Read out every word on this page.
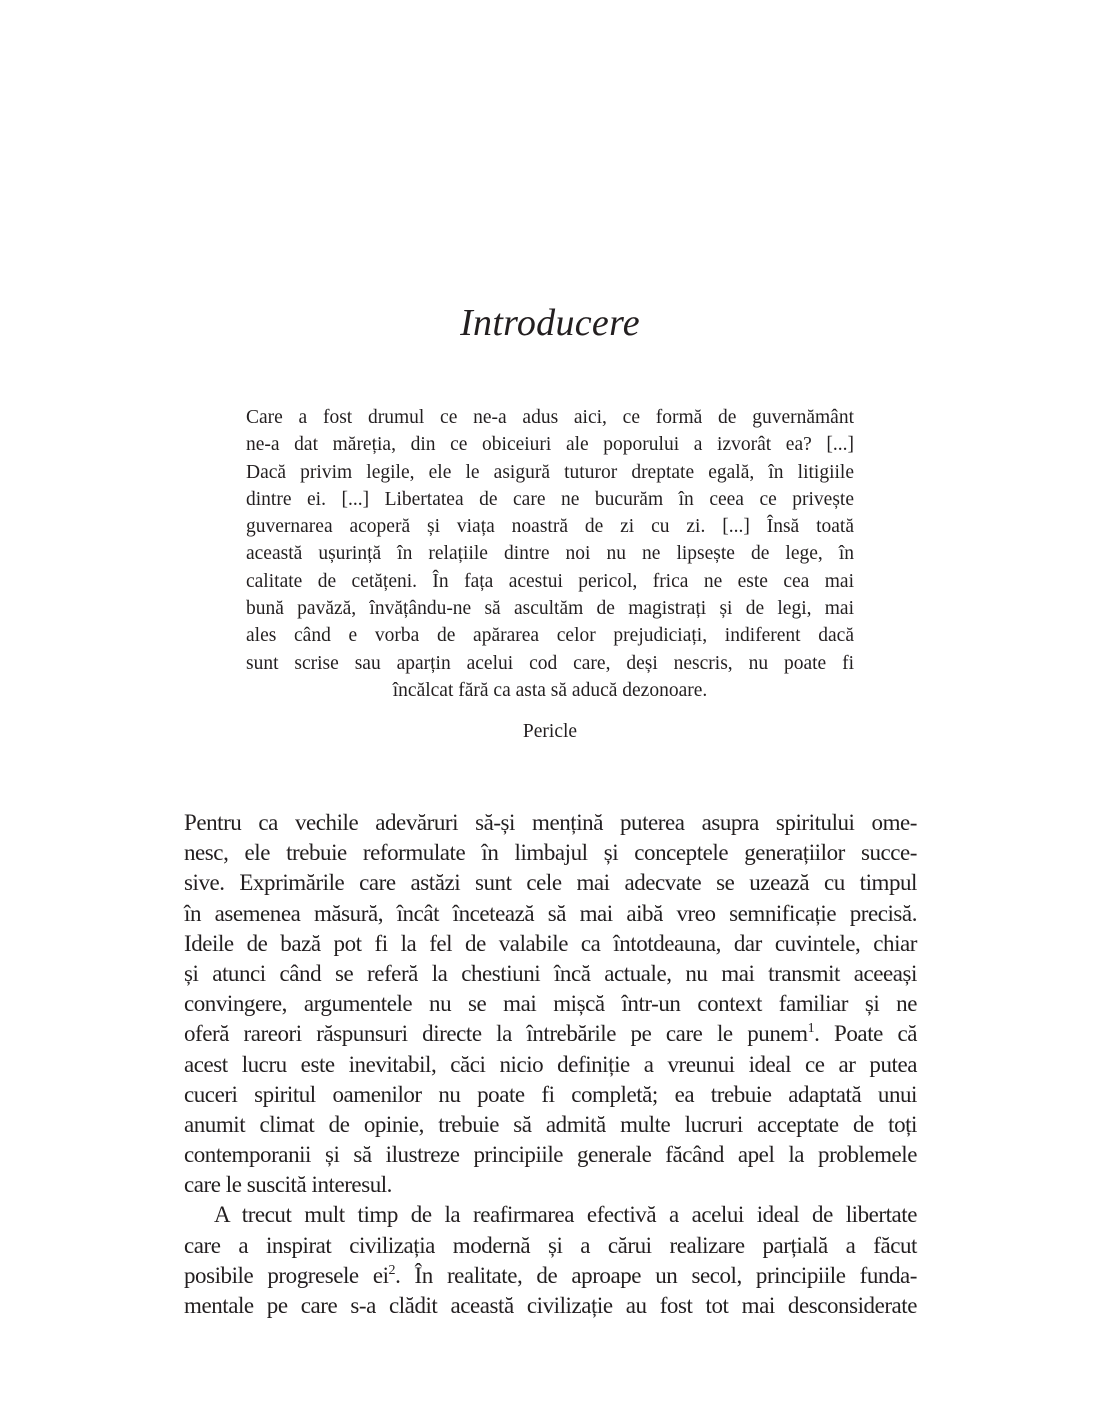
Introducere
Care a fost drumul ce ne-a adus aici, ce formă de guvernământ
ne-a dat măreția, din ce obiceiuri ale poporului a izvorât ea? [...]
Dacă privim legile, ele le asigură tuturor dreptate egală, în litigiile
dintre ei. [...] Libertatea de care ne bucurăm în ceea ce privește
guvernarea acoperă și viața noastră de zi cu zi. [...] Însă toată
această ușurință în relațiile dintre noi nu ne lipsește de lege, în
calitate de cetățeni. În fața acestui pericol, frica ne este cea mai
bună pavăză, învățându-ne să ascultăm de magistrați și de legi, mai
ales când e vorba de apărarea celor prejudiciați, indiferent dacă
sunt scrise sau aparțin acelui cod care, deși nescris, nu poate fi
încălcat fără ca asta să aducă dezonoare.
Pericle
Pentru ca vechile adevăruri să-și mențină puterea asupra spiritului ome-
nesc, ele trebuie reformulate în limbajul și conceptele generațiilor succe-
sive. Exprimările care astăzi sunt cele mai adecvate se uzează cu timpul
în asemenea măsură, încât încetează să mai aibă vreo semnificație precisă.
Ideile de bază pot fi la fel de valabile ca întotdeauna, dar cuvintele, chiar
și atunci când se referă la chestiuni încă actuale, nu mai transmit aceeași
convingere, argumentele nu se mai mișcă într-un context familiar și ne
oferă rareori răspunsuri directe la întrebările pe care le punem$^1$. Poate că
acest lucru este inevitabil, căci nicio definiție a vreunui ideal ce ar putea
cuceri spiritul oamenilor nu poate fi completă; ea trebuie adaptată unui
anumit climat de opinie, trebuie să admită multe lucruri acceptate de toți
contemporanii și să ilustreze principiile generale făcând apel la problemele
care le suscită interesul.
A trecut mult timp de la reafirmarea efectivă a acelui ideal de libertate
care a inspirat civilizația modernă și a cărui realizare parțială a făcut
posibile progresele $ei^2$. În realitate, de aproape un secol, principiile funda-
mentale pe care s-a clădit această civilizație au fost tot mai desconsiderate
